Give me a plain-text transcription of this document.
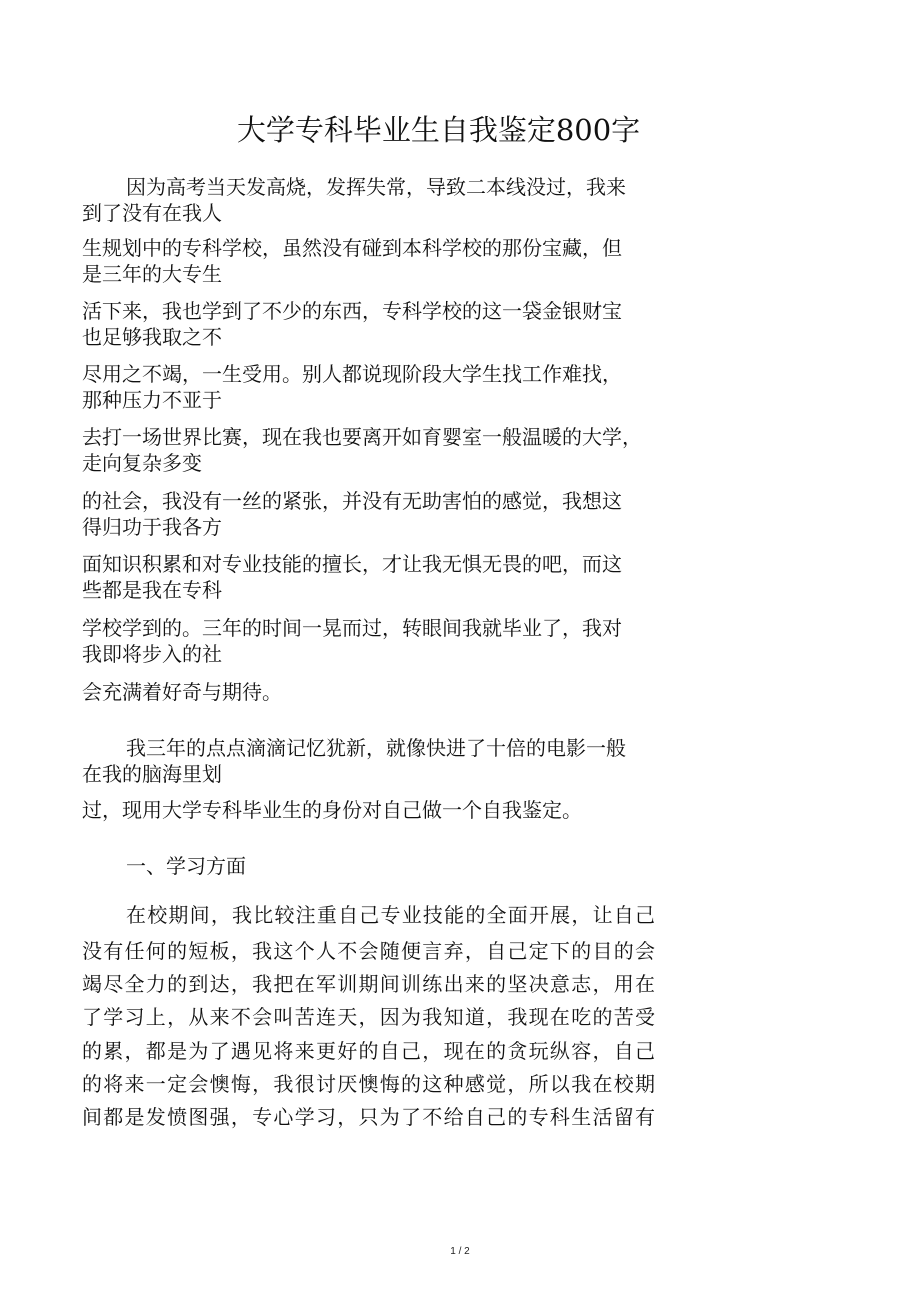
大学专科毕业生自我鉴定800字

因为高考当天发高烧，发挥失常，导致二本线没过，我来

到了没有在我人

生规划中的专科学校，虽然没有碰到本科学校的那份宝藏，但

是三年的大专生

活下来，我也学到了不少的东西，专科学校的这一袋金银财宝

也足够我取之不

尽用之不竭，一生受用。别人都说现阶段大学生找工作难找，

那种压力不亚于

去打一场世界比赛，现在我也要离开如育婴室一般温暖的大学，

走向复杂多变

的社会，我没有一丝的紧张，并没有无助害怕的感觉，我想这

得归功于我各方

面知识积累和对专业技能的擅长，才让我无惧无畏的吧，而这

些都是我在专科

学校学到的。三年的时间一晃而过，转眼间我就毕业了，我对

我即将步入的社

会充满着好奇与期待。

我三年的点点滴滴记忆犹新，就像快进了十倍的电影一般

在我的脑海里划

过，现用大学专科毕业生的身份对自己做一个自我鉴定。

一、学习方面

在校期间，我比较注重自己专业技能的全面开展，让自己

没有任何的短板，我这个人不会随便言弃，自己定下的目的会

竭尽全力的到达，我把在军训期间训练出来的坚决意志，用在

了学习上，从来不会叫苦连天，因为我知道，我现在吃的苦受

的累，都是为了遇见将来更好的自己，现在的贪玩纵容，自己

的将来一定会懊悔，我很讨厌懊悔的这种感觉，所以我在校期

间都是发愤图强，专心学习，只为了不给自己的专科生活留有

1 / 2
